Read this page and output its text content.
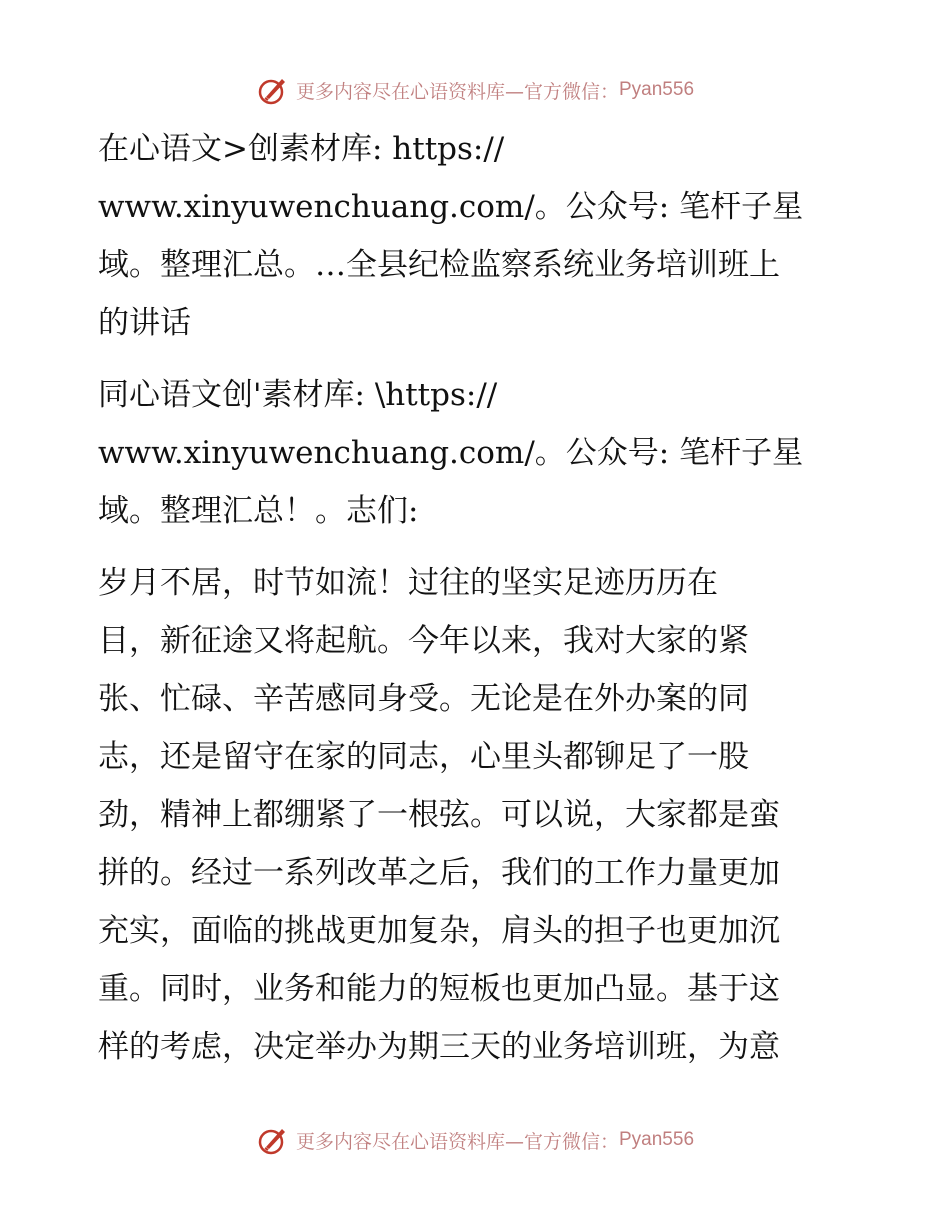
更多内容尽在心语资料库—官方微信： Pyan556
在心语文>创素材库: https://
www.xinyuwenchuang.com/。公众号: 笔杆子星
域。整理汇总。…全县纪检监察系统业务培训班上
的讲话
同心语文创'素材库: \https://
www.xinyuwenchuang.com/。公众号: 笔杆子星
域。整理汇总！。志们:
岁月不居，时节如流！过往的坚实足迹历历在
目，新征途又将起航。今年以来，我对大家的紧
张、忙碌、辛苦感同身受。无论是在外办案的同
志，还是留守在家的同志，心里头都铆足了一股
劲，精神上都绷紧了一根弦。可以说，大家都是蛮
拼的。经过一系列改革之后，我们的工作力量更加
充实，面临的挑战更加复杂，肩头的担子也更加沉
重。同时，业务和能力的短板也更加凸显。基于这
样的考虑，决定举办为期三天的业务培训班，为意
更多内容尽在心语资料库—官方微信： Pyan556
